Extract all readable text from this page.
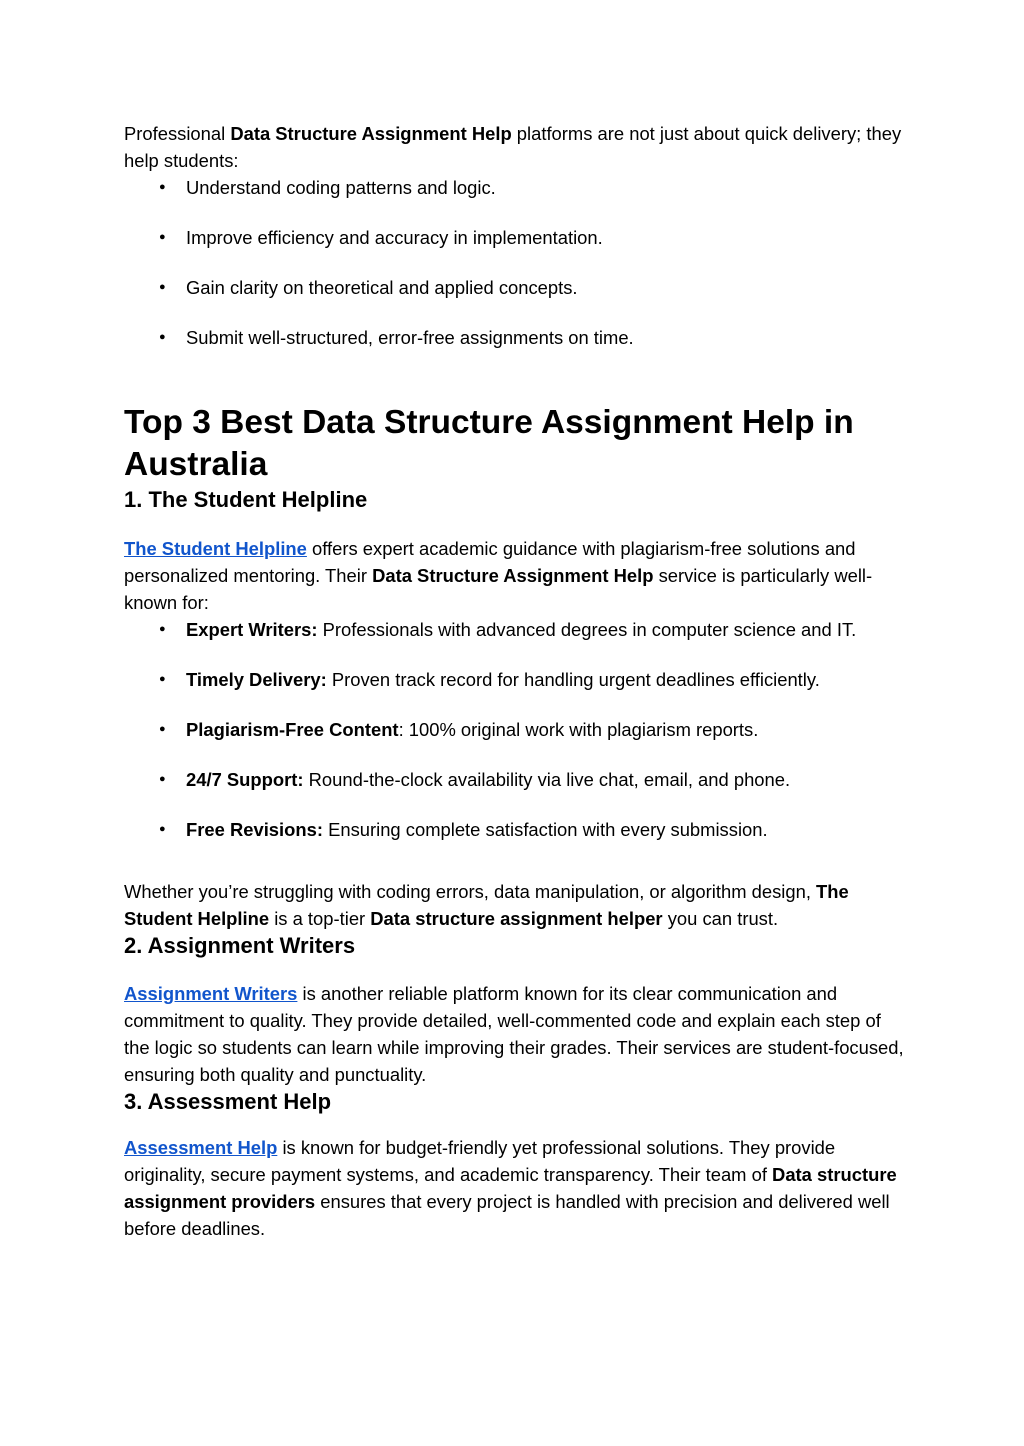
Professional Data Structure Assignment Help platforms are not just about quick delivery; they help students:

● Understand coding patterns and logic.
● Improve efficiency and accuracy in implementation.
● Gain clarity on theoretical and applied concepts.
● Submit well-structured, error-free assignments on time.
Top 3 Best Data Structure Assignment Help in Australia
1. The Student Helpline

The Student Helpline offers expert academic guidance with plagiarism-free solutions and personalized mentoring. Their Data Structure Assignment Help service is particularly well-known for:

● Expert Writers: Professionals with advanced degrees in computer science and IT.
● Timely Delivery: Proven track record for handling urgent deadlines efficiently.
● Plagiarism-Free Content: 100% original work with plagiarism reports.
● 24/7 Support: Round-the-clock availability via live chat, email, and phone.
● Free Revisions: Ensuring complete satisfaction with every submission.

Whether you’re struggling with coding errors, data manipulation, or algorithm design, The Student Helpline is a top-tier Data structure assignment helper you can trust.

2. Assignment Writers

Assignment Writers is another reliable platform known for its clear communication and commitment to quality. They provide detailed, well-commented code and explain each step of the logic so students can learn while improving their grades. Their services are student-focused, ensuring both quality and punctuality.

3. Assessment Help

Assessment Help is known for budget-friendly yet professional solutions. They provide originality, secure payment systems, and academic transparency. Their team of Data structure assignment providers ensures that every project is handled with precision and delivered well before deadlines.
